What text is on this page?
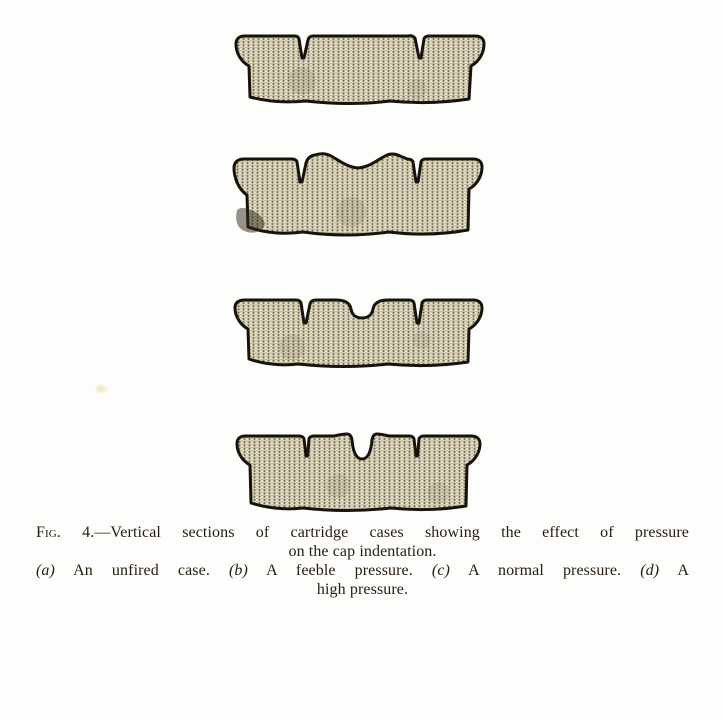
Fig. 4.—Vertical sections of cartridge cases showing the effect of pressure
on the cap indentation.
(a) An unfired case. (b) A feeble pressure. (c) A normal pressure. (d) A
high pressure.
